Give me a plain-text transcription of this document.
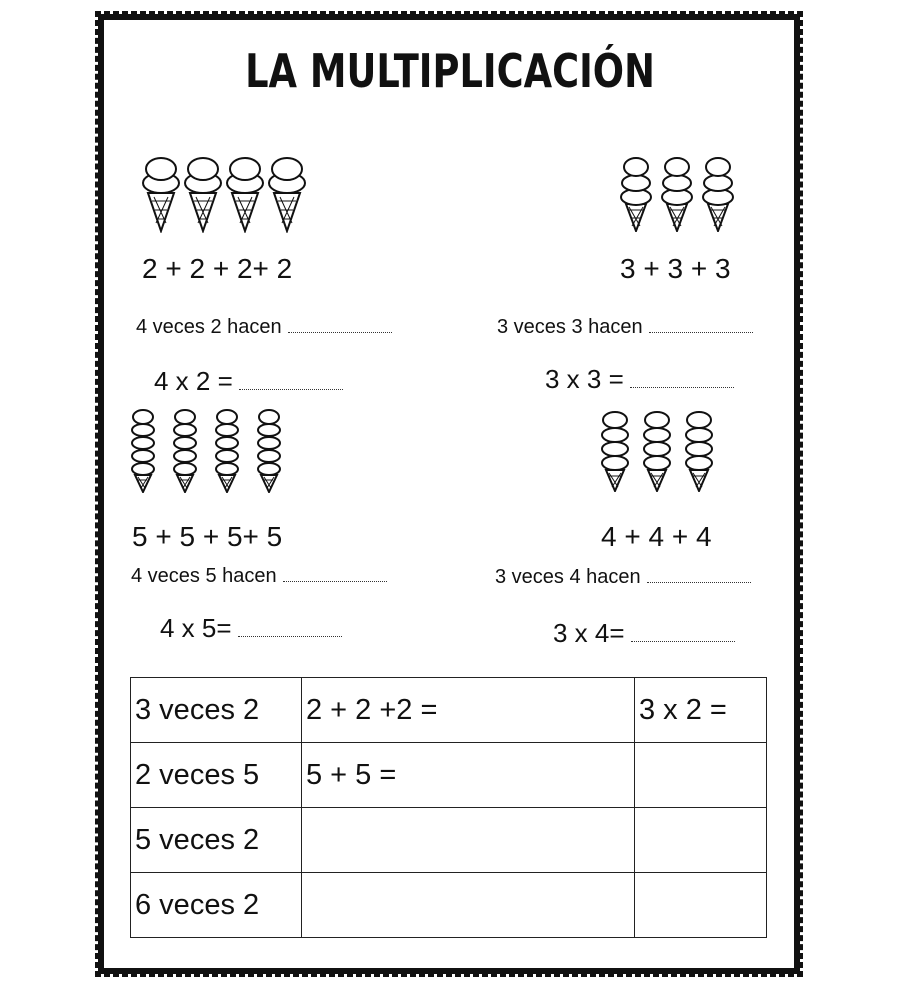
LA MULTIPLICACIÓN
2 + 2 + 2+ 2
4 veces 2 hacen
4 x 2 =
3 + 3 + 3
3 veces 3 hacen
3 x 3 =
5 + 5 + 5+ 5
4 veces 5 hacen
4 x 5=
4 + 4 + 4
3 veces 4 hacen
3 x 4=
3 veces 2	2 + 2 +2 =	3 x 2 =
2 veces 5	5 + 5 =	
5 veces 2		
6 veces 2		
